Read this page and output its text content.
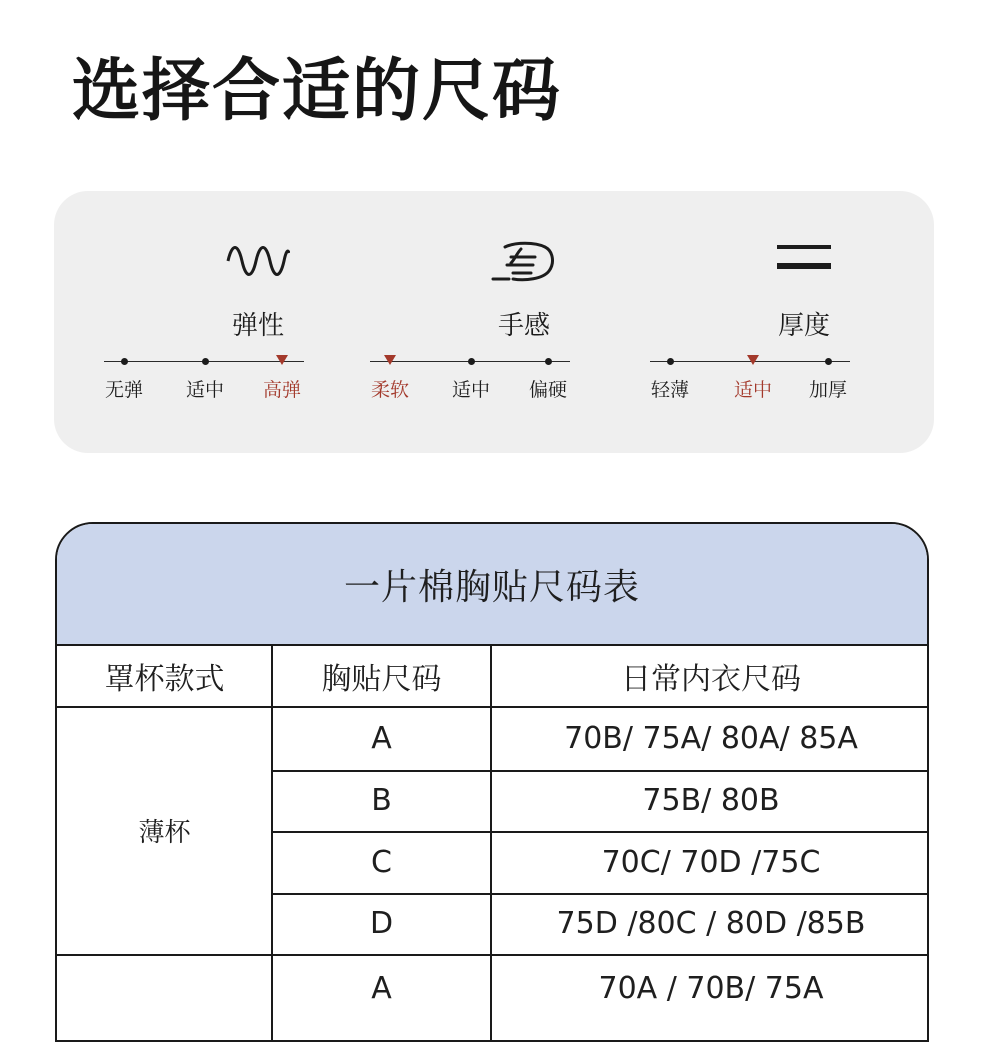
选择合适的尺码
弹性
无弹	适中	高弹
手感
柔软	适中	偏硬
厚度
轻薄	适中	加厚
一片棉胸贴尺码表
罩杯款式	胸贴尺码	日常内衣尺码
薄杯
A	70B/ 75A/ 80A/ 85A
B	75B/ 80B
C	70C/ 70D /75C
D	75D /80C / 80D /85B
A	70A / 70B/ 75A
